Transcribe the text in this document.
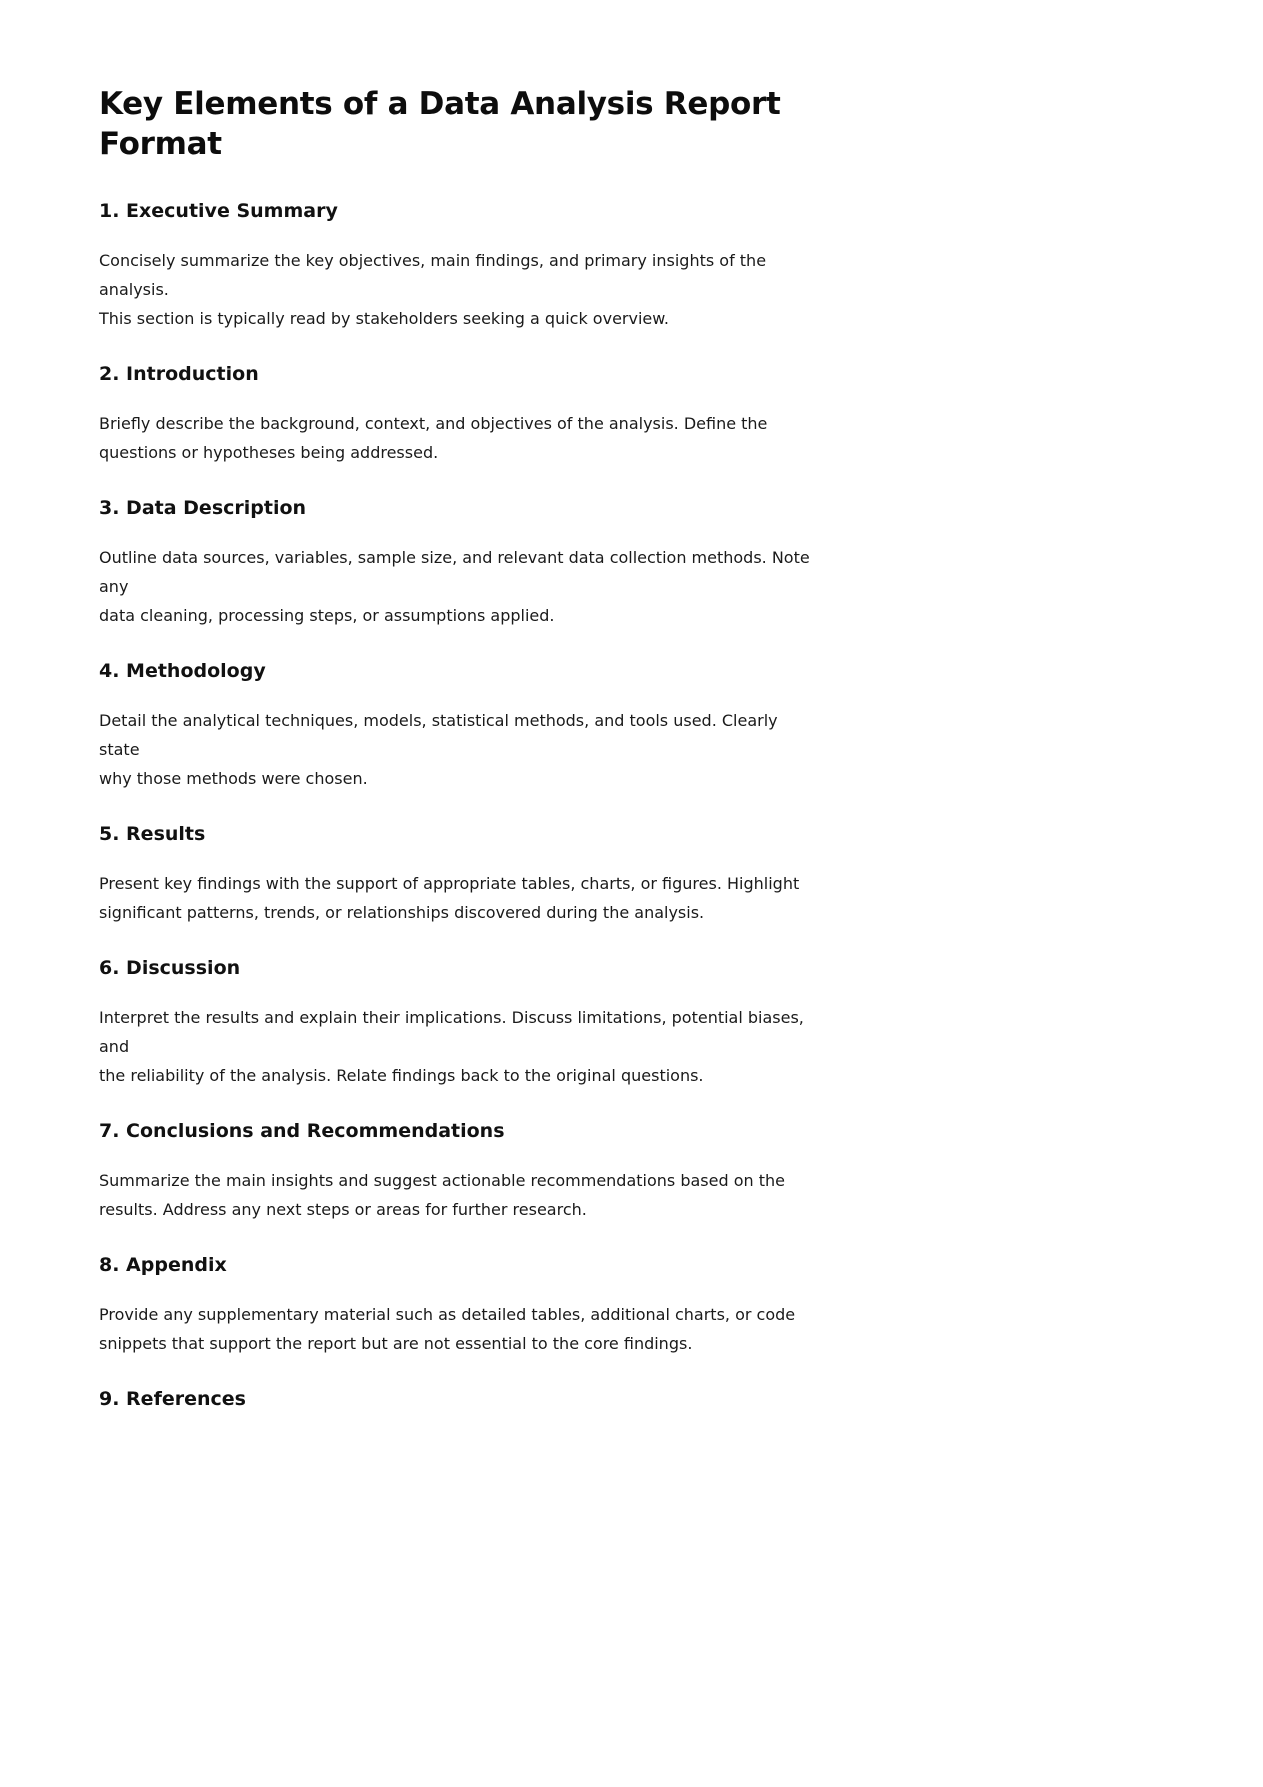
Key Elements of a Data Analysis Report Format
1. Executive Summary

Concisely summarize the key objectives, main findings, and primary insights of the analysis.
This section is typically read by stakeholders seeking a quick overview.

2. Introduction

Briefly describe the background, context, and objectives of the analysis. Define the
questions or hypotheses being addressed.

3. Data Description

Outline data sources, variables, sample size, and relevant data collection methods. Note any
data cleaning, processing steps, or assumptions applied.

4. Methodology

Detail the analytical techniques, models, statistical methods, and tools used. Clearly state
why those methods were chosen.

5. Results

Present key findings with the support of appropriate tables, charts, or figures. Highlight
significant patterns, trends, or relationships discovered during the analysis.

6. Discussion

Interpret the results and explain their implications. Discuss limitations, potential biases, and
the reliability of the analysis. Relate findings back to the original questions.

7. Conclusions and Recommendations

Summarize the main insights and suggest actionable recommendations based on the
results. Address any next steps or areas for further research.

8. Appendix

Provide any supplementary material such as detailed tables, additional charts, or code
snippets that support the report but are not essential to the core findings.

9. References
